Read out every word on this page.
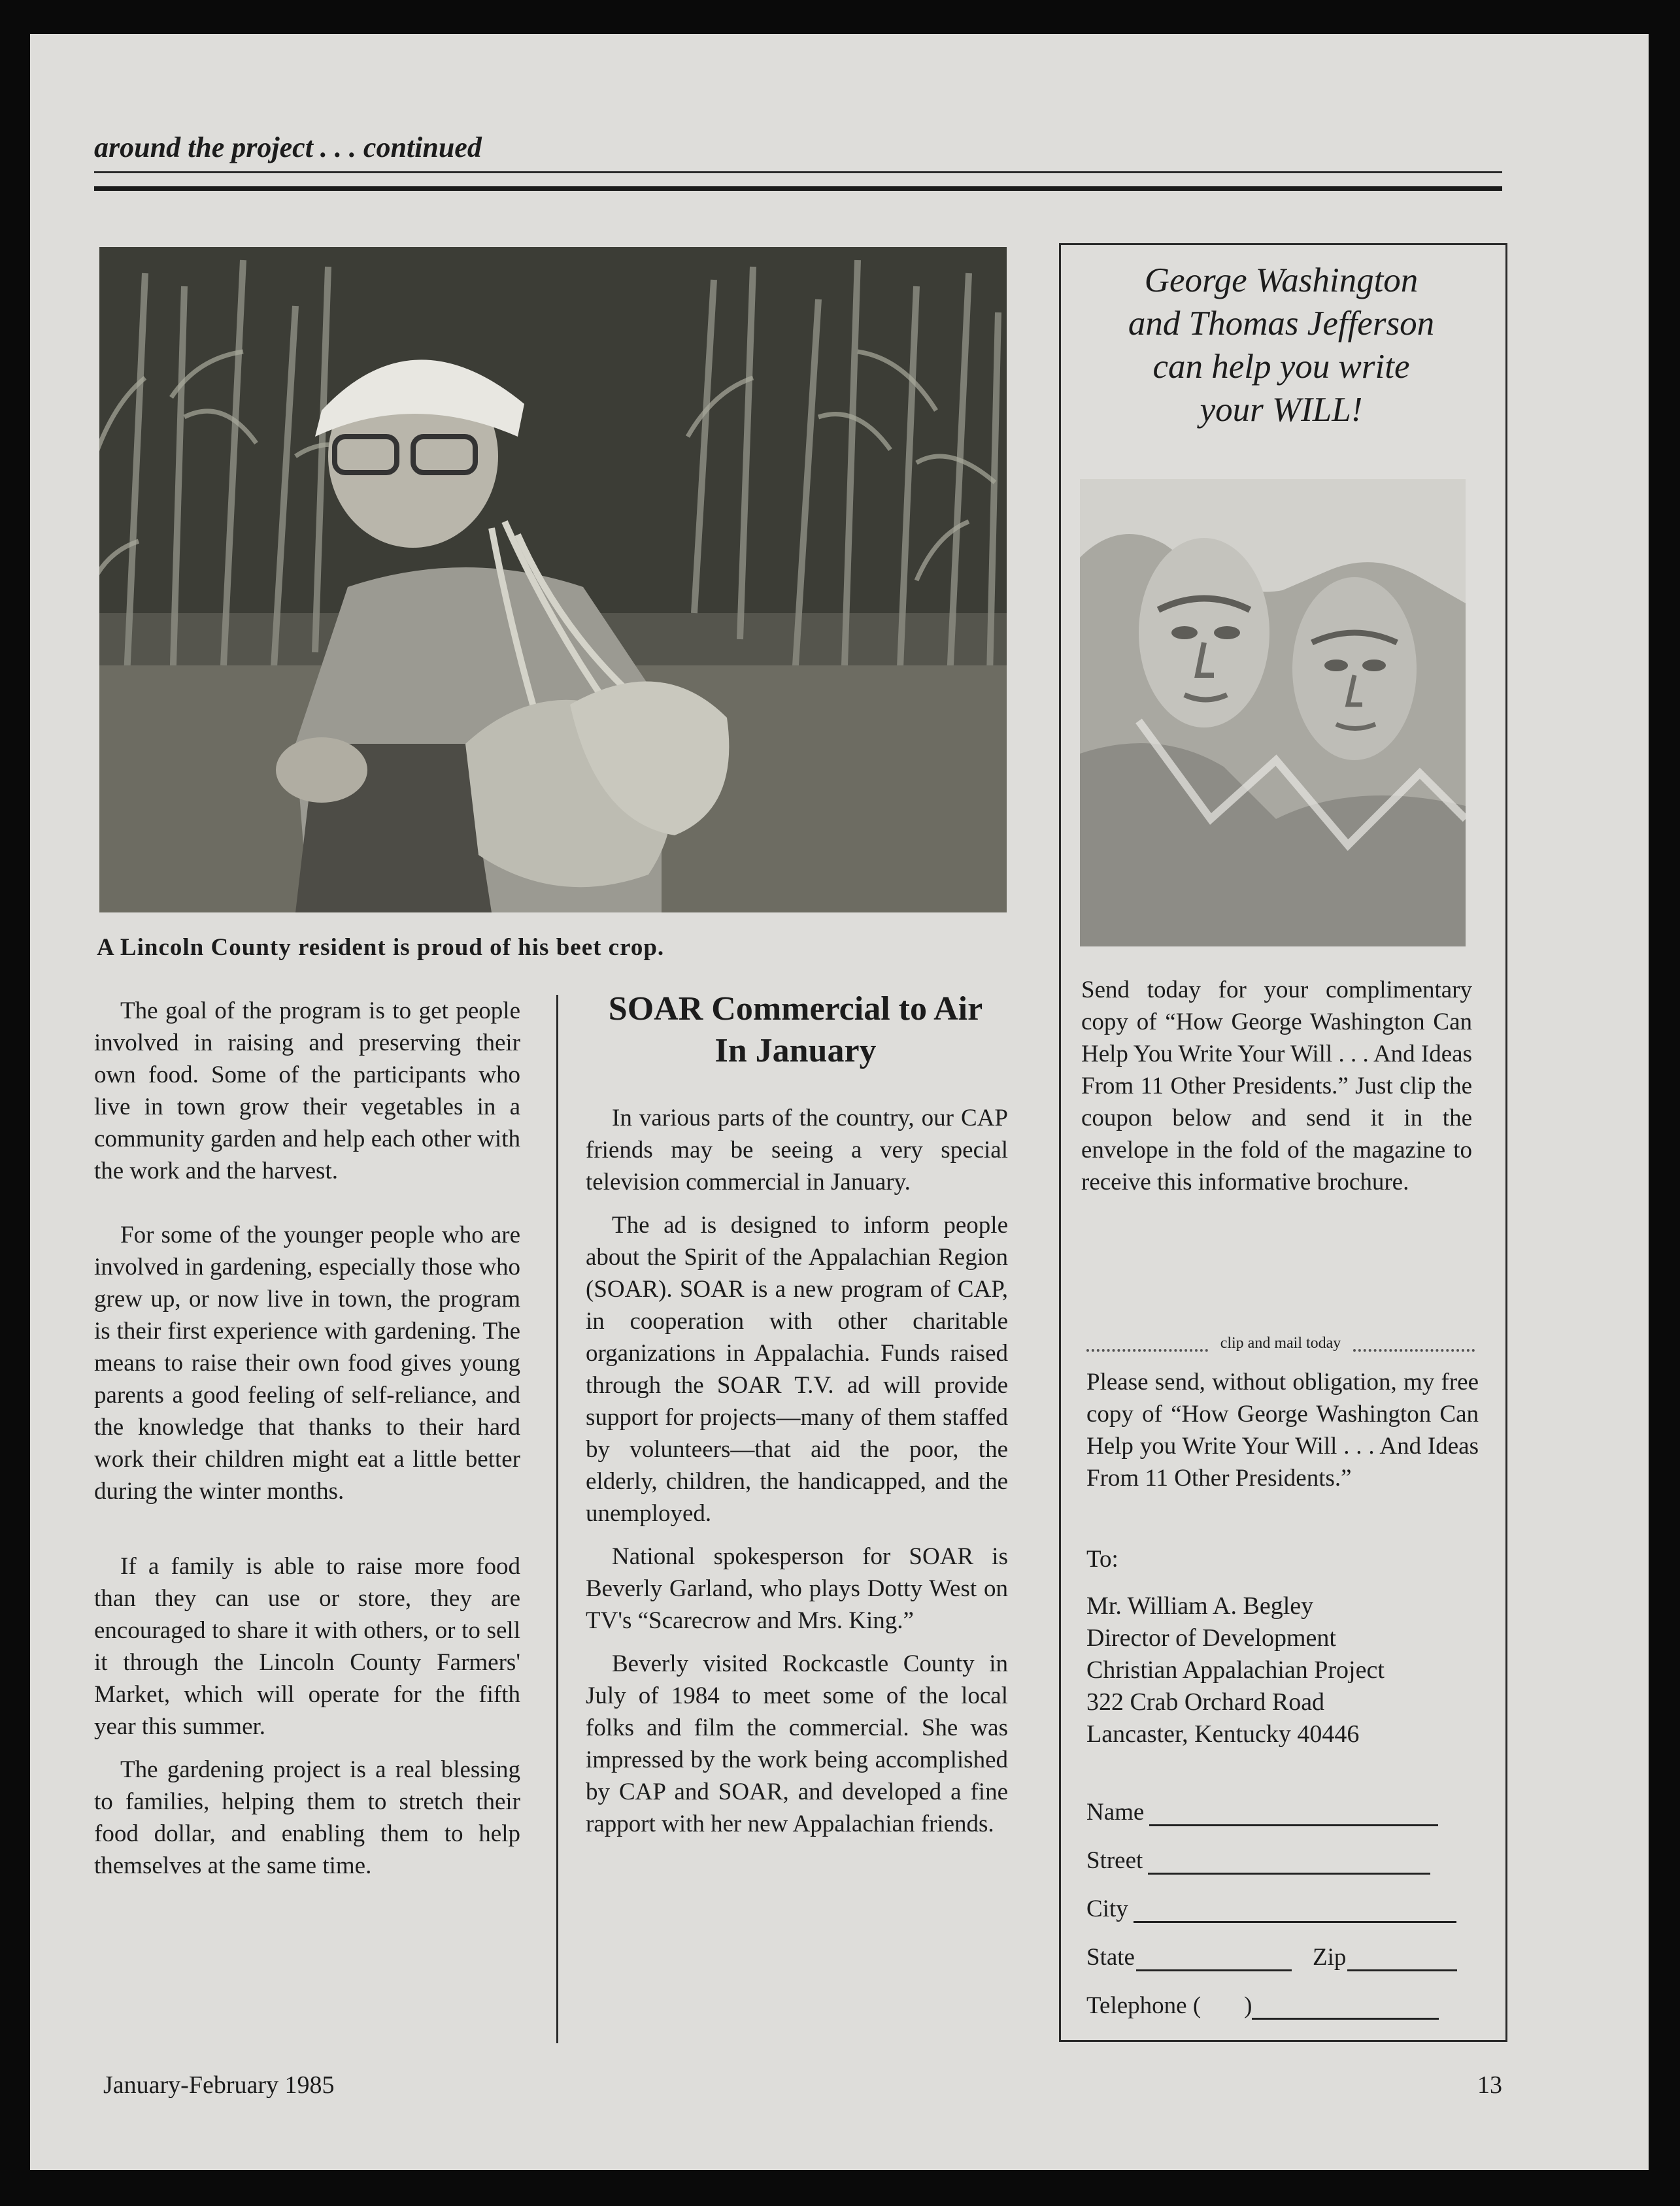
around the project . . . continued
A Lincoln County resident is proud of his beet crop.

The goal of the program is to get people involved in raising and preserving their own food. Some of the participants who live in town grow their vegetables in a community garden and help each other with the work and the harvest.

For some of the younger people who are involved in gardening, especially those who grew up, or now live in town, the program is their first experience with gardening. The means to raise their own food gives young parents a good feeling of self-reliance, and the knowledge that thanks to their hard work their children might eat a little better during the winter months.

If a family is able to raise more food than they can use or store, they are encouraged to share it with others, or to sell it through the Lincoln County Farmers' Market, which will operate for the fifth year this summer.

The gardening project is a real blessing to families, helping them to stretch their food dollar, and enabling them to help themselves at the same time.

SOAR Commercial to Air
In January

In various parts of the country, our CAP friends may be seeing a very special television commercial in January.

The ad is designed to inform people about the Spirit of the Appalachian Region (SOAR). SOAR is a new program of CAP, in cooperation with other charitable organizations in Appalachia. Funds raised through the SOAR T.V. ad will provide support for projects—many of them staffed by volunteers—that aid the poor, the elderly, children, the handicapped, and the unemployed.

National spokesperson for SOAR is Beverly Garland, who plays Dotty West on TV's “Scarecrow and Mrs. King.”

Beverly visited Rockcastle County in July of 1984 to meet some of the local folks and film the commercial. She was impressed by the work being accomplished by CAP and SOAR, and developed a fine rapport with her new Appalachian friends.

George Washington
and Thomas Jefferson
can help you write
your WILL!
Send today for your complimentary copy of “How George Washington Can Help You Write Your Will . . . And Ideas From 11 Other Presidents.” Just clip the coupon below and send it in the envelope in the fold of the magazine to receive this informative brochure.
clip and mail today
Please send, without obligation, my free copy of “How George Washington Can Help you Write Your Will . . . And Ideas From 11 Other Presidents.”
To:
Mr. William A. Begley
Director of Development
Christian Appalachian Project
322 Crab Orchard Road
Lancaster, Kentucky 40446
Name
Street
City
State	Zip
Telephone ( )
January-February 1985	13
